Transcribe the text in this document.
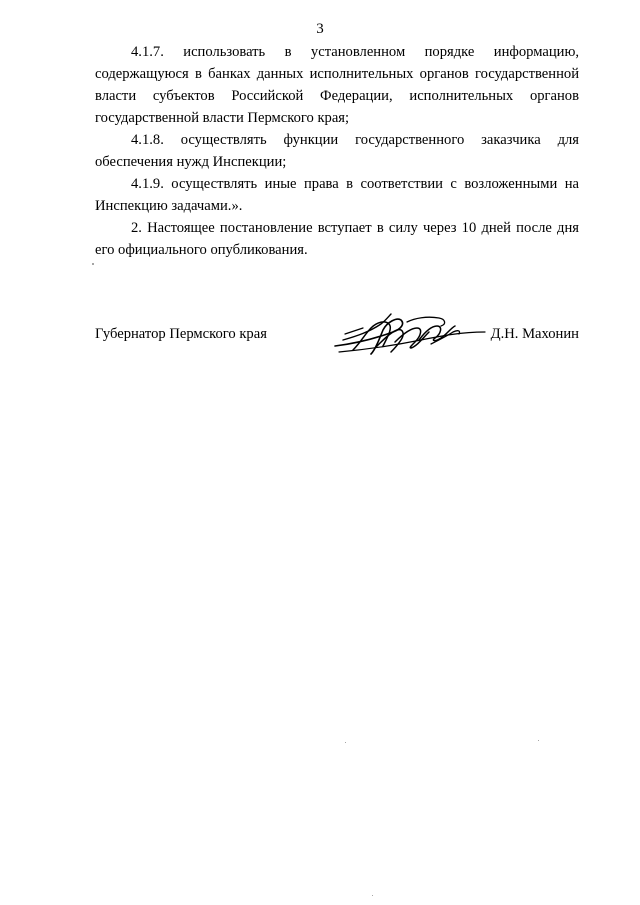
3

4.1.7. использовать в установленном порядке информацию, содержащуюся в банках данных исполнительных органов государственной власти субъектов Российской Федерации, исполнительных органов государственной власти Пермского края;

4.1.8. осуществлять функции государственного заказчика для обеспечения нужд Инспекции;

4.1.9. осуществлять иные права в соответствии с возложенными на Инспекцию задачами.».

2. Настоящее постановление вступает в силу через 10 дней после дня его официального опубликования.

Губернатор Пермского края	Д.Н. Махонин
